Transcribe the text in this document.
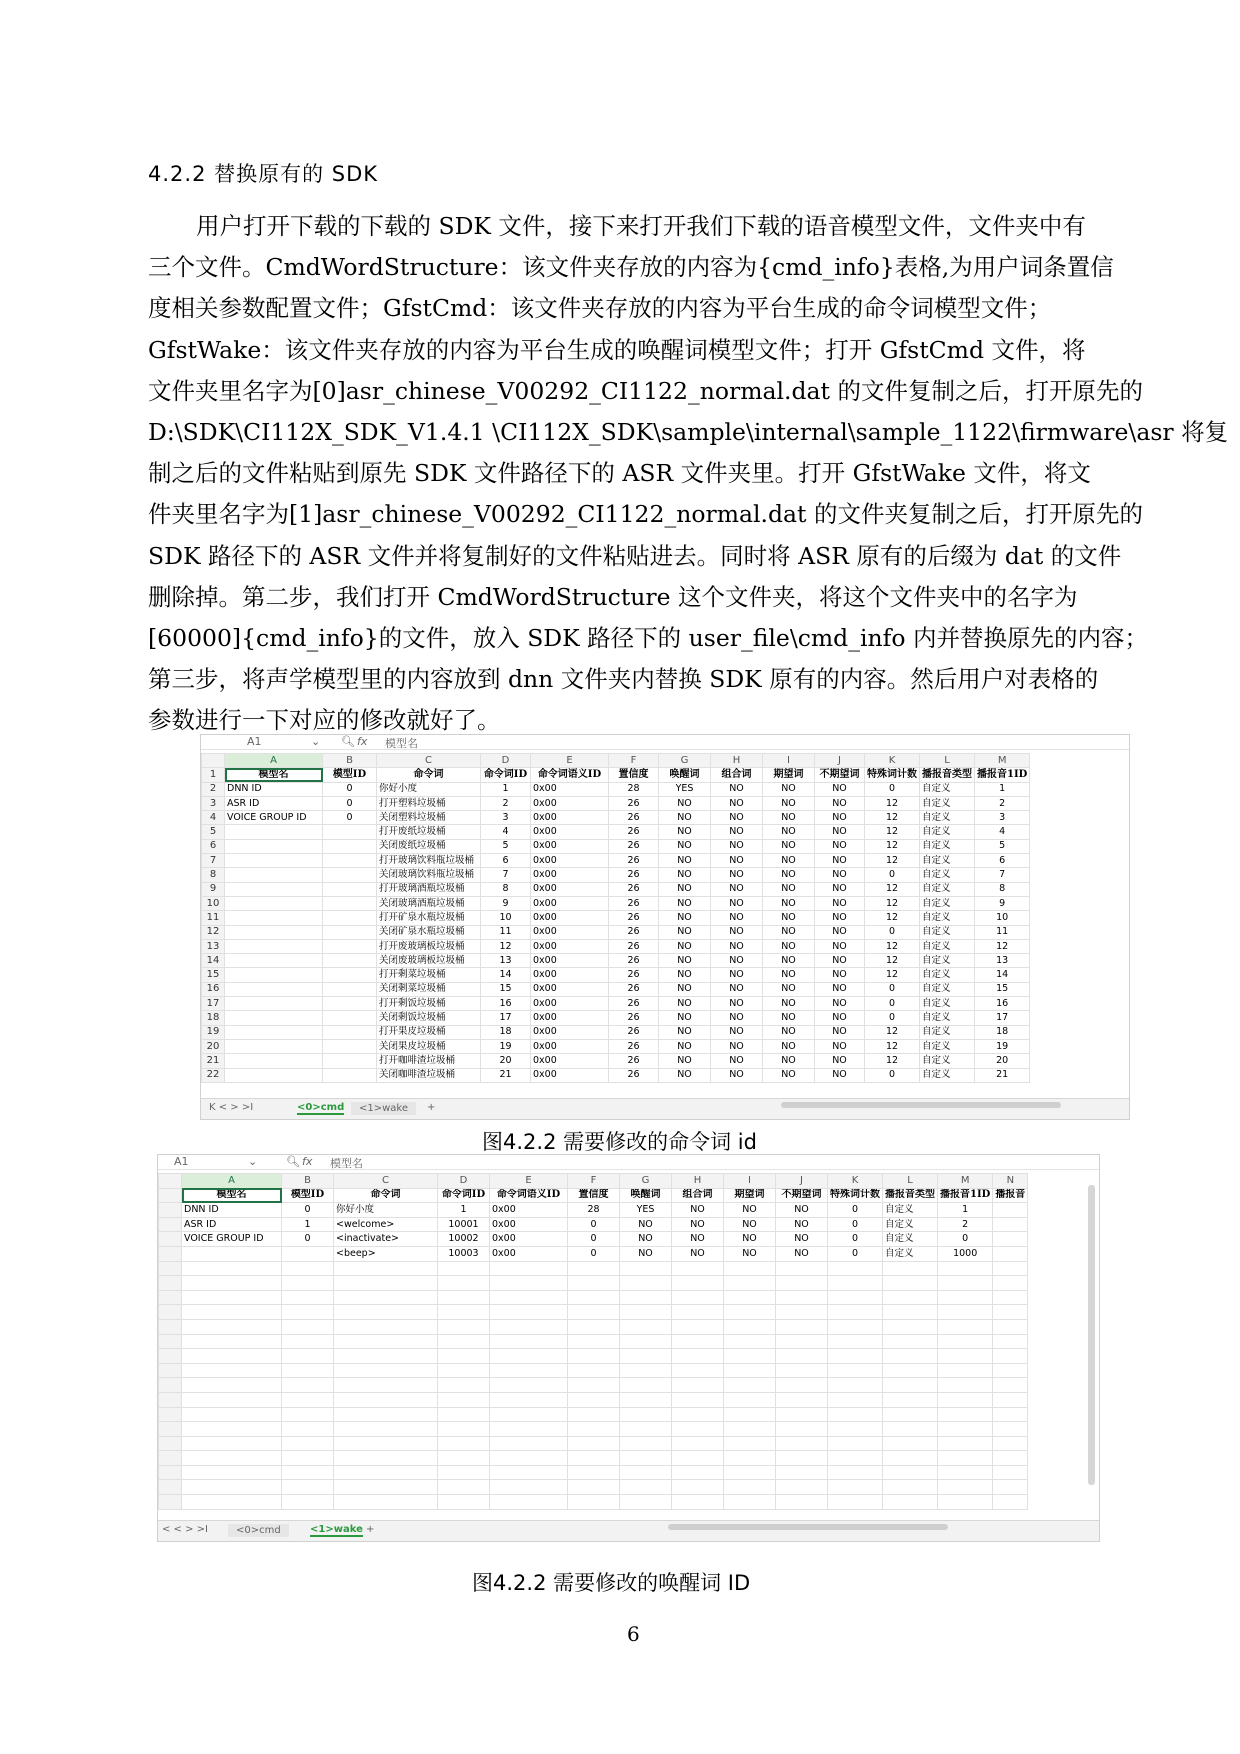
4.2.2 替换原有的 SDK

用户打开下载的下载的 SDK 文件，接下来打开我们下载的语音模型文件，文件夹中有

三个文件。CmdWordStructure：该文件夹存放的内容为{cmd_info}表格,为用户词条置信

度相关参数配置文件；GfstCmd：该文件夹存放的内容为平台生成的命令词模型文件；

GfstWake：该文件夹存放的内容为平台生成的唤醒词模型文件；打开 GfstCmd 文件，将

文件夹里名字为[0]asr_chinese_V00292_CI1122_normal.dat 的文件复制之后，打开原先的

D:\SDK\CI112X_SDK_V1.4.1 \CI112X_SDK\sample\internal\sample_1122\firmware\asr 将复

制之后的文件粘贴到原先 SDK 文件路径下的 ASR 文件夹里。打开 GfstWake 文件，将文

件夹里名字为[1]asr_chinese_V00292_CI1122_normal.dat 的文件夹复制之后，打开原先的

SDK 路径下的 ASR 文件并将复制好的文件粘贴进去。同时将 ASR 原有的后缀为 dat 的文件

删除掉。第二步，我们打开 CmdWordStructure 这个文件夹，将这个文件夹中的名字为

[60000]{cmd_info}的文件，放入 SDK 路径下的 user_file\cmd_info 内并替换原先的内容；

第三步，将声学模型里的内容放到 dnn 文件夹内替换 SDK 原有的内容。然后用户对表格的

参数进行一下对应的修改就好了。

A1	⌄ 🔍︎ fx 模型名
	A	B	C	D	E	F	G	H	I	J	K	L	M
1	模型名	模型ID	命令词	命令词ID	命令词语义ID	置信度	唤醒词	组合词	期望词	不期望词	特殊词计数	播报音类型	播报音1ID
2	DNN ID	0	你好小度	1	0x00	28	YES	NO	NO	NO	0	自定义	1
3	ASR ID	0	打开塑料垃圾桶	2	0x00	26	NO	NO	NO	NO	12	自定义	2
4	VOICE GROUP ID	0	关闭塑料垃圾桶	3	0x00	26	NO	NO	NO	NO	12	自定义	3
5			打开废纸垃圾桶	4	0x00	26	NO	NO	NO	NO	12	自定义	4
6			关闭废纸垃圾桶	5	0x00	26	NO	NO	NO	NO	12	自定义	5
7			打开玻璃饮料瓶垃圾桶	6	0x00	26	NO	NO	NO	NO	12	自定义	6
8			关闭玻璃饮料瓶垃圾桶	7	0x00	26	NO	NO	NO	NO	0	自定义	7
9			打开玻璃酒瓶垃圾桶	8	0x00	26	NO	NO	NO	NO	12	自定义	8
10			关闭玻璃酒瓶垃圾桶	9	0x00	26	NO	NO	NO	NO	12	自定义	9
11			打开矿泉水瓶垃圾桶	10	0x00	26	NO	NO	NO	NO	12	自定义	10
12			关闭矿泉水瓶垃圾桶	11	0x00	26	NO	NO	NO	NO	0	自定义	11
13			打开废玻璃板垃圾桶	12	0x00	26	NO	NO	NO	NO	12	自定义	12
14			关闭废玻璃板垃圾桶	13	0x00	26	NO	NO	NO	NO	12	自定义	13
15			打开剩菜垃圾桶	14	0x00	26	NO	NO	NO	NO	12	自定义	14
16			关闭剩菜垃圾桶	15	0x00	26	NO	NO	NO	NO	0	自定义	15
17			打开剩饭垃圾桶	16	0x00	26	NO	NO	NO	NO	0	自定义	16
18			关闭剩饭垃圾桶	17	0x00	26	NO	NO	NO	NO	0	自定义	17
19			打开果皮垃圾桶	18	0x00	26	NO	NO	NO	NO	12	自定义	18
20			关闭果皮垃圾桶	19	0x00	26	NO	NO	NO	NO	12	自定义	19
21			打开咖啡渣垃圾桶	20	0x00	26	NO	NO	NO	NO	12	自定义	20
22			关闭咖啡渣垃圾桶	21	0x00	26	NO	NO	NO	NO	0	自定义	21
K < > >I	<0>cmd	<1>wake	+
图4.2.2 需要修改的命令词 id
A1	⌄	🔍︎ fx 模型名
	A	B	C	D	E	F	G	H	I	J	K	L	M	N
	模型名	模型ID	命令词	命令词ID	命令词语义ID	置信度	唤醒词	组合词	期望词	不期望词	特殊词计数	播报音类型	播报音1ID	播报音
	DNN ID	0	你好小度	1	0x00	28	YES	NO	NO	NO	0	自定义	1	
	ASR ID	1	<welcome>	10001	0x00	0	NO	NO	NO	NO	0	自定义	2	
	VOICE GROUP ID	0	<inactivate>	10002	0x00	0	NO	NO	NO	NO	0	自定义	0	
			<beep>	10003	0x00	0	NO	NO	NO	NO	0	自定义	1000	

< < > >I	<0>cmd	<1>wake +
图4.2.2 需要修改的唤醒词 ID
6
